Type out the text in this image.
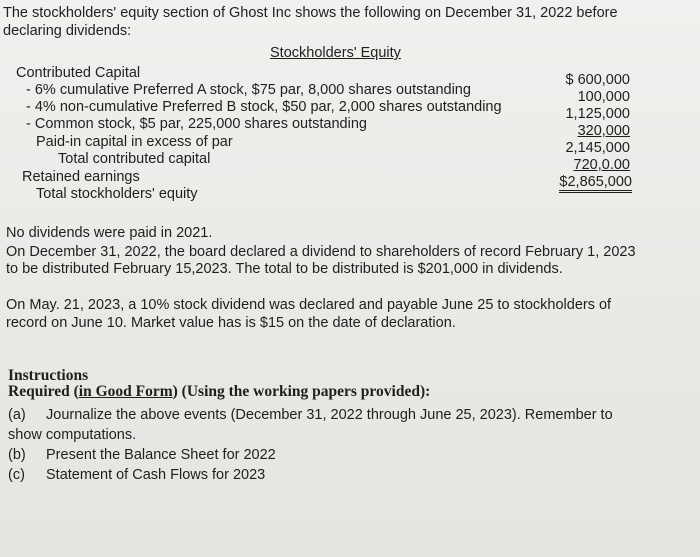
The stockholders' equity section of Ghost Inc shows the following on December 31, 2022 before
declaring dividends:
Stockholders' Equity
Contributed Capital
- 6% cumulative Preferred A stock, $75 par, 8,000 shares outstanding
- 4% non-cumulative Preferred B stock, $50 par, 2,000 shares outstanding
- Common stock, $5 par, 225,000 shares outstanding
Paid-in capital in excess of par
Total contributed capital
Retained earnings
Total stockholders' equity
$ 600,000
100,000
1,125,000
320,000
2,145,000
720,0.00
$2,865,000
No dividends were paid in 2021.
On December 31, 2022, the board declared a dividend to shareholders of record February 1, 2023
to be distributed February 15,2023. The total to be distributed is $201,000 in dividends.
On May. 21, 2023, a 10% stock dividend was declared and payable June 25 to stockholders of
record on June 10. Market value has is $15 on the date of declaration.
Instructions
Required (in Good Form) (Using the working papers provided):
(a) Journalize the above events (December 31, 2022 through June 25, 2023). Remember to
show computations.
(b) Present the Balance Sheet for 2022
(c) Statement of Cash Flows for 2023
